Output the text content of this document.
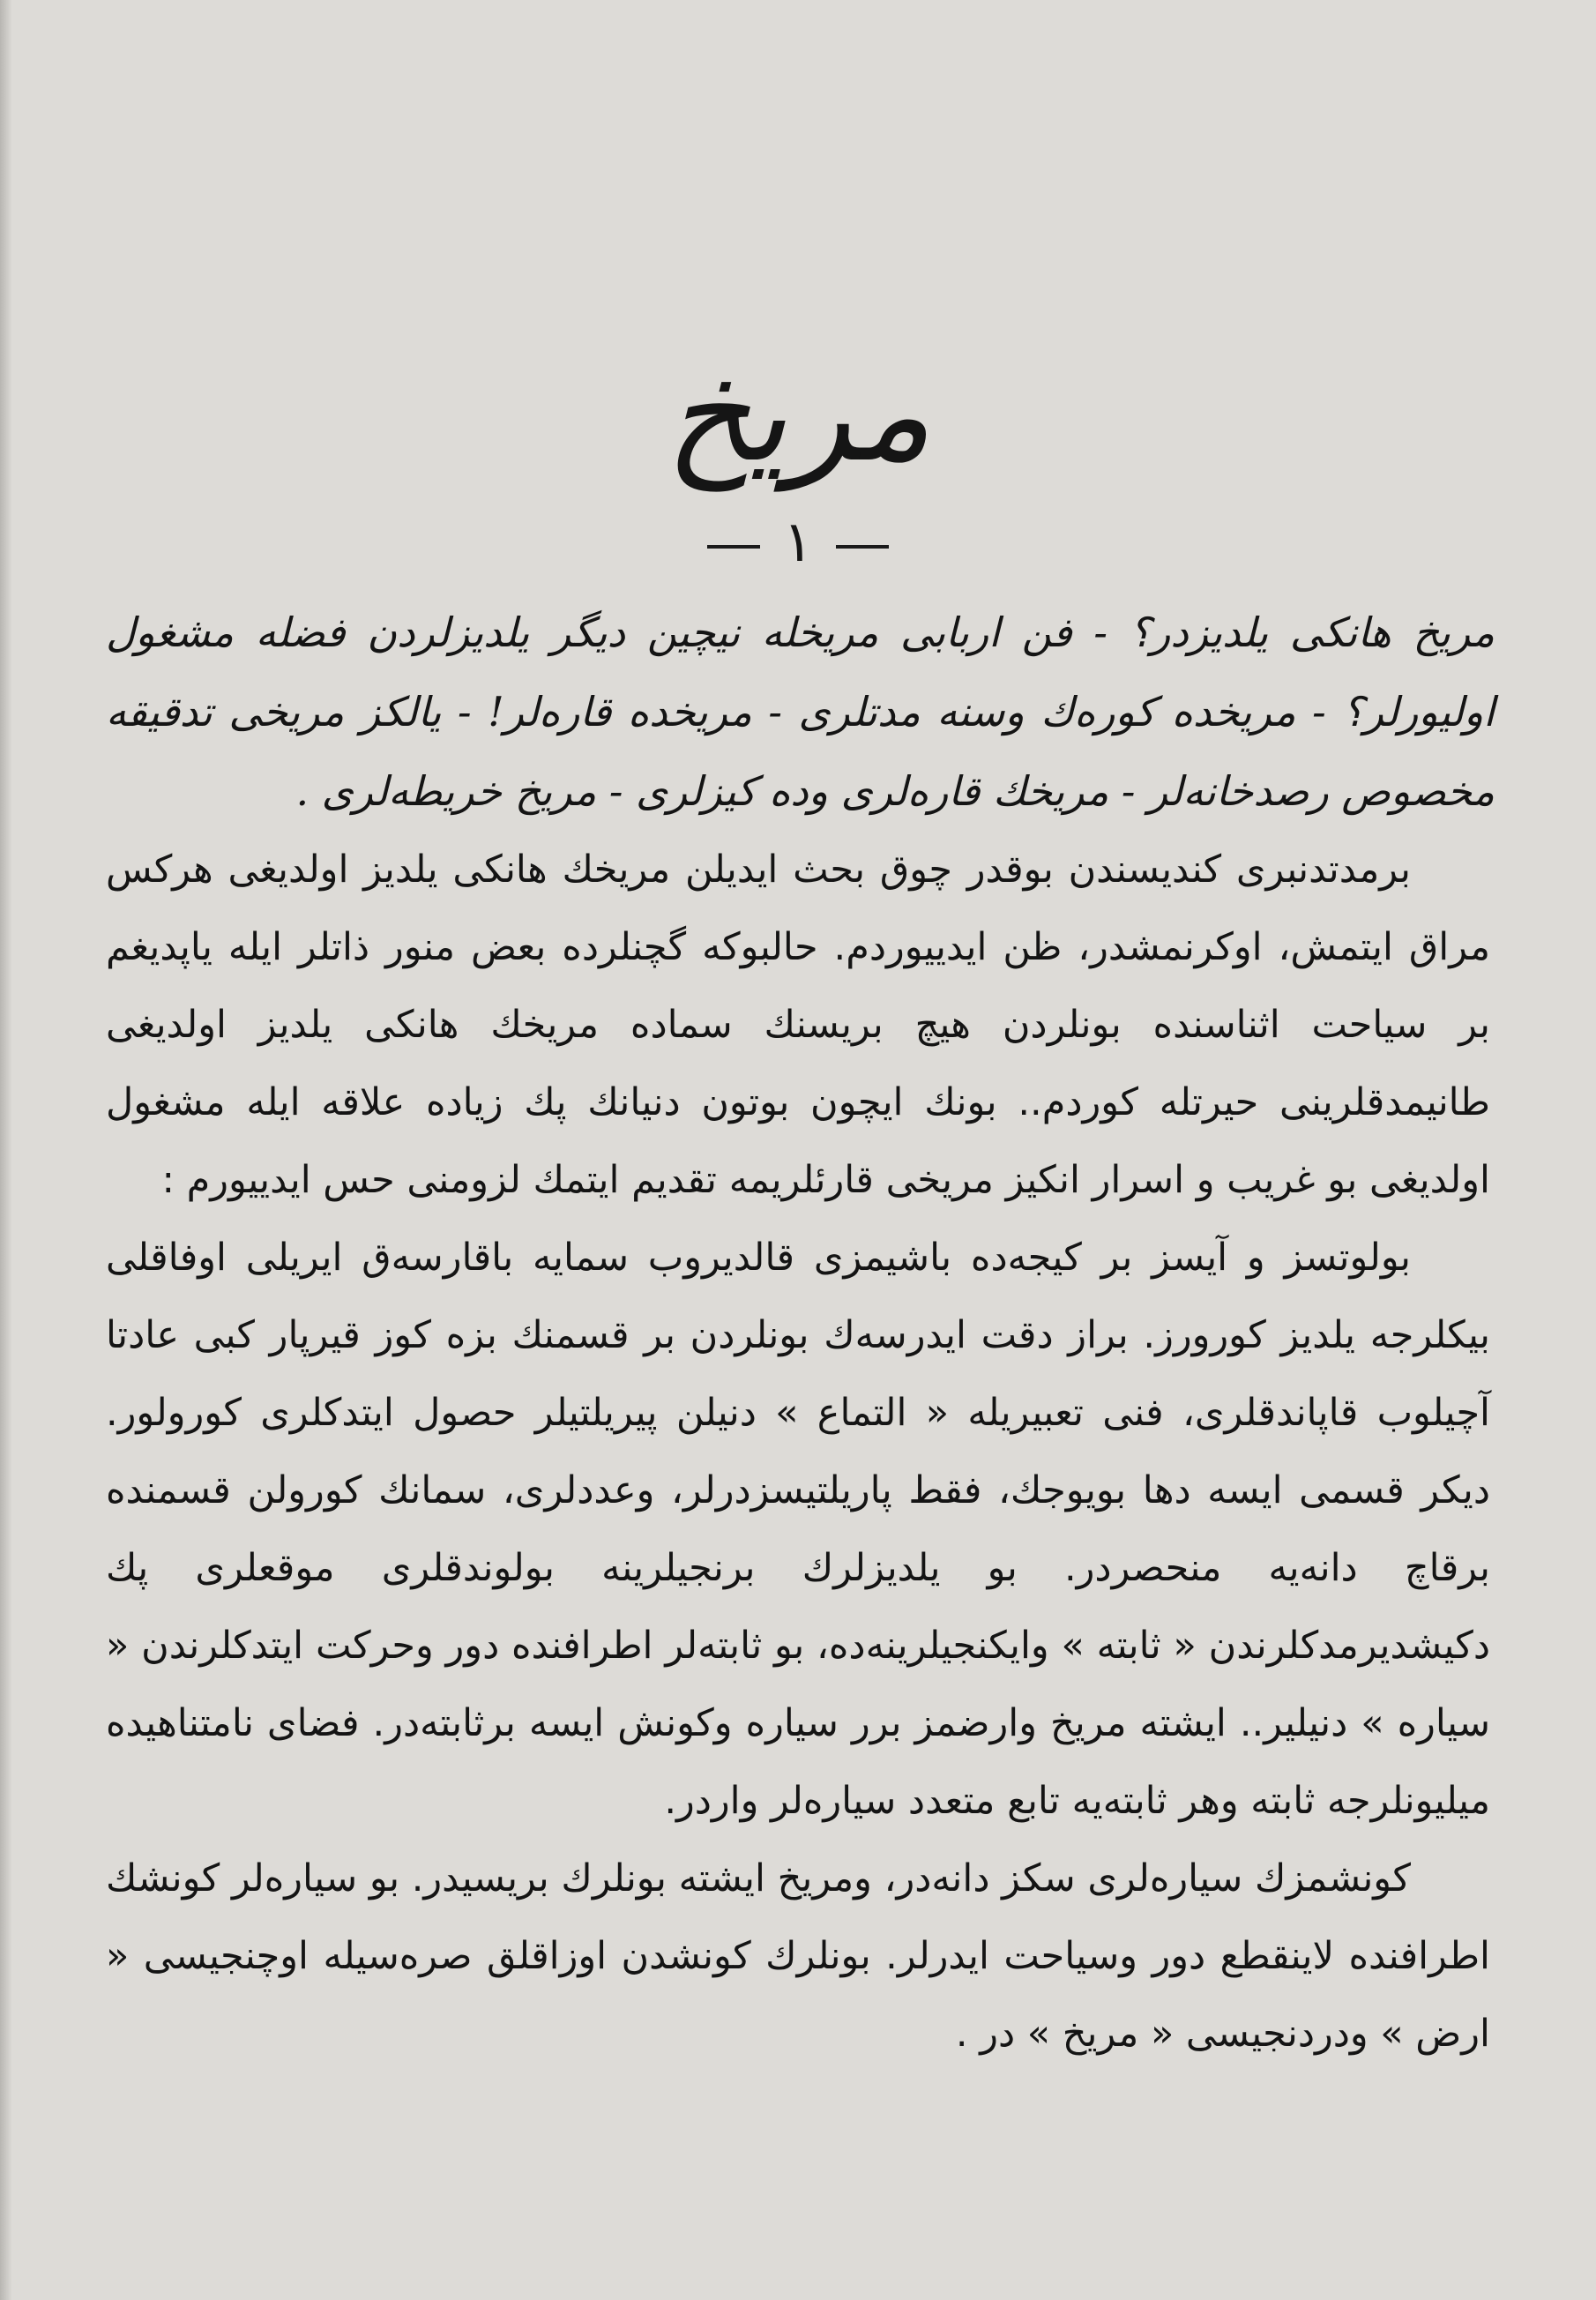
مریخ
١
مریخ هانكی یلدیزدر؟ - فن اربابی مریخله نیچین دیگر یلدیزلردن فضله مشغول اولیورلر؟ - مریخده كوره‌ك وسنه مدتلری - مریخده قاره‌لر! - یالكز مریخی تدقیقه مخصوص رصدخانه‌لر - مریخك قاره‌لری وده كیزلری - مریخ خریطه‌لری .

برمدتدنبری كندیسندن بوقدر چوق بحث ایدیلن مریخك هانكی یلدیز اولدیغی هركس مراق ایتمش، اوكرنمشدر، ظن ایدییوردم. حالبوكه گچنلرده بعض منور ذاتلر ایله یاپدیغم بر سیاحت اثناسنده بونلردن هیچ بریسنك سماده مریخك هانكی یلدیز اولدیغی طانیمدقلرینی حیرتله كوردم.. بونك ایچون بوتون دنیانك پك زیاده علاقه ایله مشغول اولدیغی بو غریب و اسرار انكیز مریخی قارئلریمه تقدیم ایتمك لزومنی حس ایدییورم :

بولوتسز و آیسز بر كیجه‌ده باشیمزی قالدیروب سمایه باقارسه‌ق ایریلی اوفاقلی بیكلرجه یلدیز كورورز. براز دقت ایدرسه‌ك بونلردن بر قسمنك بزه كوز قیرپار كبی عادتا آچیلوب قاپاندقلری، فنی تعبیریله « التماع » دنیلن پیریلتیلر حصول ایتدكلری كورولور. دیكر قسمی ایسه دها بویوجك، فقط پاریلتیسزدرلر، وعددلری، سمانك كورولن قسمنده برقاچ دانه‌یه منحصردر. بو یلدیزلرك برنجیلرینه بولوندقلری موقعلری پك دكیشدیرمدكلرندن « ثابته » وایكنجیلرینه‌ده، بو ثابته‌لر اطرافنده دور وحركت ایتدكلرندن « سیاره » دنیلیر.. ایشته مریخ وارضمز برر سیاره وكونش ایسه برثابته‌در. فضای نامتناهیده میلیونلرجه ثابته وهر ثابته‌یه تابع متعدد سیاره‌لر واردر.

كونشمزك سیاره‌لری سكز دانه‌در، ومریخ ایشته بونلرك بریسیدر. بو سیاره‌لر كونشك اطرافنده لاینقطع دور وسیاحت ایدرلر. بونلرك كونشدن اوزاقلق صره‌سیله اوچنجیسی « ارض » ودردنجیسی « مریخ » در .
